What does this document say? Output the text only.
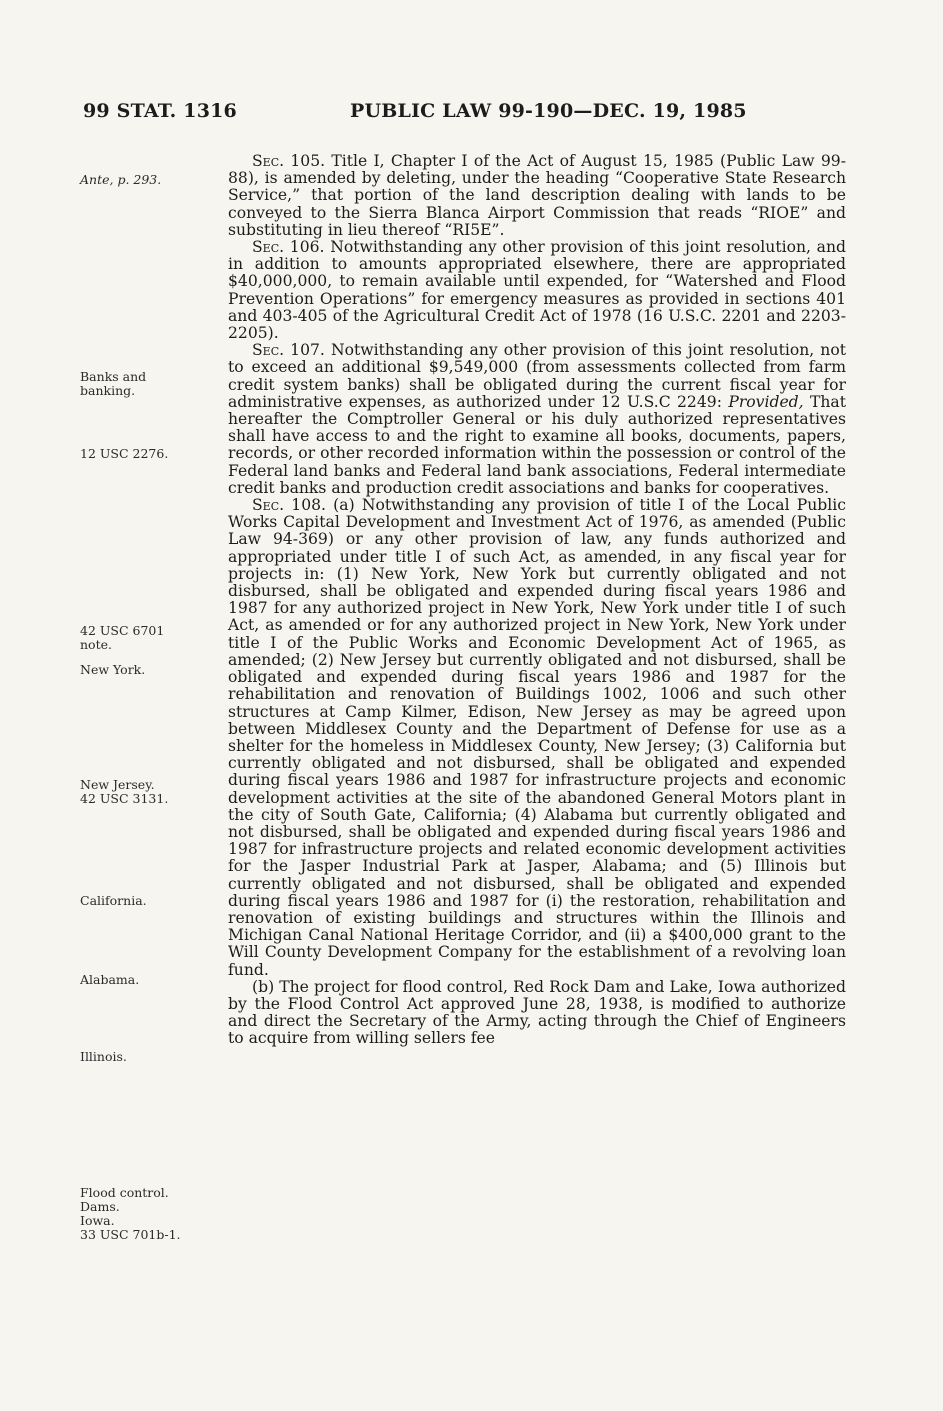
99 STAT. 1316	PUBLIC LAW 99-190—DEC. 19, 1985
Ante, p. 293.
Banks and
banking.
12 USC 2276.
42 USC 6701
note.
New York.
New Jersey.
42 USC 3131.
California.
Alabama.
Illinois.
Flood control.
Dams.
Iowa.
33 USC 701b-1.

Sec. 105. Title I, Chapter I of the Act of August 15, 1985 (Public Law 99-88), is amended by deleting, under the heading “Cooperative State Research Service,” that portion of the land description dealing with lands to be conveyed to the Sierra Blanca Airport Commission that reads “RIOE” and substituting in lieu thereof “RI5E”.

Sec. 106. Notwithstanding any other provision of this joint resolution, and in addition to amounts appropriated elsewhere, there are appropriated $40,000,000, to remain available until expended, for “Watershed and Flood Prevention Operations” for emergency measures as provided in sections 401 and 403-405 of the Agricultural Credit Act of 1978 (16 U.S.C. 2201 and 2203-2205).

Sec. 107. Notwithstanding any other provision of this joint resolution, not to exceed an additional $9,549,000 (from assessments collected from farm credit system banks) shall be obligated during the current fiscal year for administrative expenses, as authorized under 12 U.S.C 2249: Provided, That hereafter the Comptroller General or his duly authorized representatives shall have access to and the right to examine all books, documents, papers, records, or other recorded information within the possession or control of the Federal land banks and Federal land bank associations, Federal intermediate credit banks and production credit associations and banks for cooperatives.

Sec. 108. (a) Notwithstanding any provision of title I of the Local Public Works Capital Development and Investment Act of 1976, as amended (Public Law 94-369) or any other provision of law, any funds authorized and appropriated under title I of such Act, as amended, in any fiscal year for projects in: (1) New York, New York but currently obligated and not disbursed, shall be obligated and expended during fiscal years 1986 and 1987 for any authorized project in New York, New York under title I of such Act, as amended or for any authorized project in New York, New York under title I of the Public Works and Economic Development Act of 1965, as amended; (2) New Jersey but currently obligated and not disbursed, shall be obligated and expended during fiscal years 1986 and 1987 for the rehabilitation and renovation of Buildings 1002, 1006 and such other structures at Camp Kilmer, Edison, New Jersey as may be agreed upon between Middlesex County and the Department of Defense for use as a shelter for the homeless in Middlesex County, New Jersey; (3) California but currently obligated and not disbursed, shall be obligated and expended during fiscal years 1986 and 1987 for infrastructure projects and economic development activities at the site of the abandoned General Motors plant in the city of South Gate, California; (4) Alabama but currently obligated and not disbursed, shall be obligated and expended during fiscal years 1986 and 1987 for infrastructure projects and related economic development activities for the Jasper Industrial Park at Jasper, Alabama; and (5) Illinois but currently obligated and not disbursed, shall be obligated and expended during fiscal years 1986 and 1987 for (i) the restoration, rehabilitation and renovation of existing buildings and structures within the Illinois and Michigan Canal National Heritage Corridor, and (ii) a $400,000 grant to the Will County Development Company for the establishment of a revolving loan fund.

(b) The project for flood control, Red Rock Dam and Lake, Iowa authorized by the Flood Control Act approved June 28, 1938, is modified to authorize and direct the Secretary of the Army, acting through the Chief of Engineers to acquire from willing sellers fee
